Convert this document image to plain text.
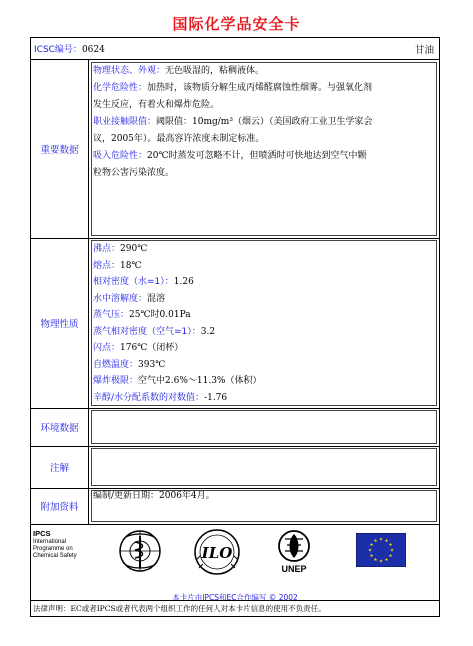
国际化学品安全卡
ICSC编号：0624	甘油
重要数据
物理状态、外观：无色吸湿的，粘稠液体。
化学危险性：加热时，该物质分解生成丙烯醛腐蚀性烟雾。与强氧化剂
发生反应，有着火和爆炸危险。
职业接触限值：阈限值：10mg/m³（烟云）（美国政府工业卫生学家会
议，2005年）。最高容许浓度未制定标准。
吸入危险性：20℃时蒸发可忽略不计，但喷洒时可快地达到空气中颗
粒物公害污染浓度。
物理性质
沸点：290℃
熔点：18℃
相对密度（水=1）：1.26
水中溶解度：混溶
蒸气压：25℃时0.01Pa
蒸气相对密度（空气=1）：3.2
闪点：176℃（闭杯）
自燃温度：393℃
爆炸极限：空气中2.6%～11.3%（体积）
辛醇/水分配系数的对数值：-1.76
环境数据
注解
附加资料
编制/更新日期：2006年4月。
IPCS
International
Programme on
Chemical Safety	ILO
UNEP
★ ★
★
★
★
★
★
★
★
★
★
★
本卡片由IPCS和EC合作编写 © 2002
法律声明：EC或者IPCS或者代表两个组织工作的任何人对本卡片信息的使用不负责任。
